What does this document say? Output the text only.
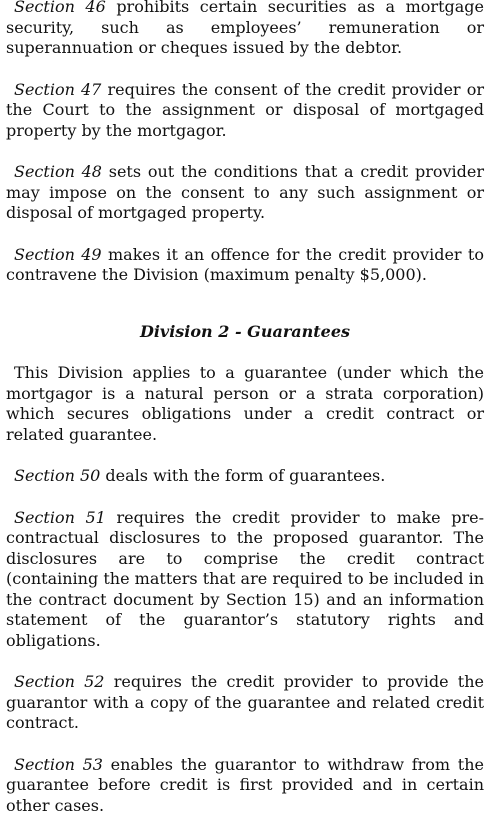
Section 46 prohibits certain securities as a mortgage security, such as employees’ remuneration or superannuation or cheques issued by the debtor.

Section 47 requires the consent of the credit provider or the Court to the assignment or disposal of mortgaged property by the mortgagor.

Section 48 sets out the conditions that a credit provider may impose on the consent to any such assignment or disposal of mortgaged property.

Section 49 makes it an offence for the credit provider to contravene the Division (maximum penalty $5,000).

Division 2 - Guarantees

This Division applies to a guarantee (under which the mortgagor is a natural person or a strata corporation) which secures obligations under a credit contract or related guarantee.

Section 50 deals with the form of guarantees.

Section 51 requires the credit provider to make pre-contractual disclosures to the proposed guarantor. The disclosures are to comprise the credit contract (containing the matters that are required to be included in the contract document by Section 15) and an information statement of the guarantor’s statutory rights and obligations.

Section 52 requires the credit provider to provide the guarantor with a copy of the guarantee and related credit contract.

Section 53 enables the guarantor to withdraw from the guarantee before credit is first provided and in certain other cases.
